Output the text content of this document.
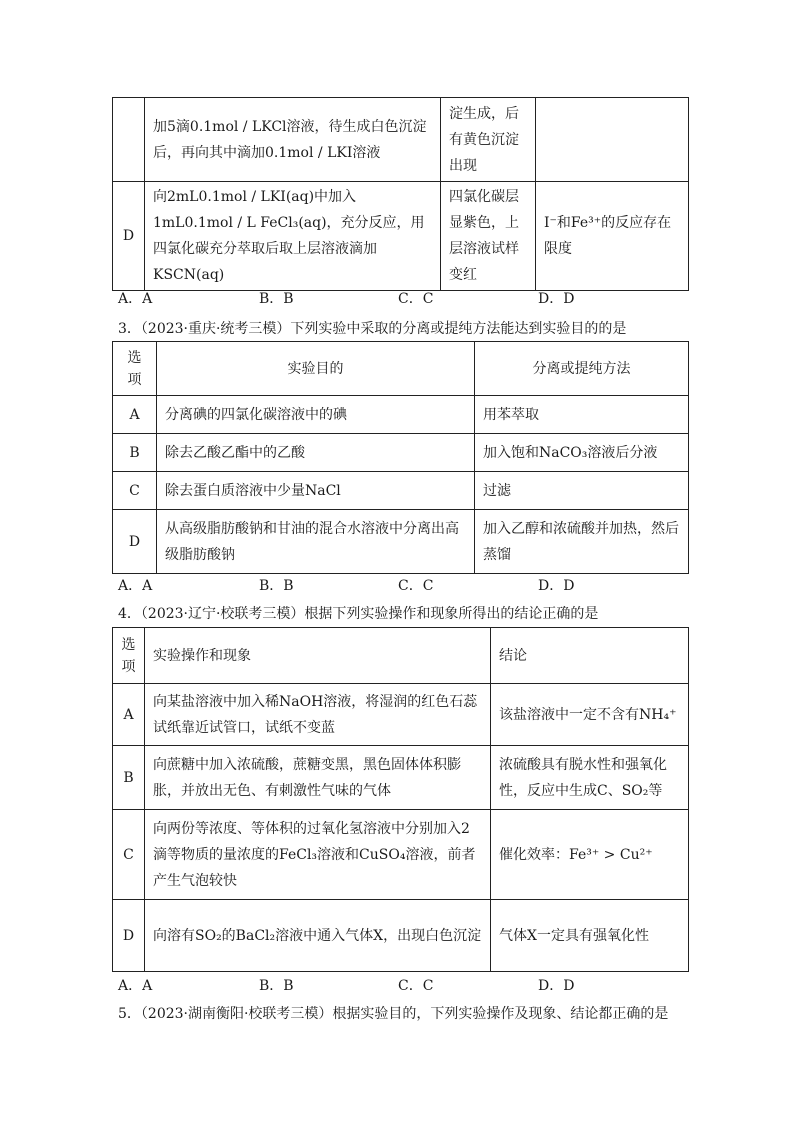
	加5滴0.1mol / LKCl溶液，待生成白色沉淀后，再向其中滴加0.1mol / LKI溶液	淀生成，后有黄色沉淀出现	
D	向2mL0.1mol / LKI(aq)中加入1mL0.1mol / L FeCl₃(aq)，充分反应，用四氯化碳充分萃取后取上层溶液滴加KSCN(aq)	四氯化碳层显紫色，上层溶液试样变红	I⁻和Fe³⁺的反应存在限度
A．A	B．B	C．C	D．D
3．（2023·重庆·统考三模）下列实验中采取的分离或提纯方法能达到实验目的的是
选项	实验目的	分离或提纯方法
A	分离碘的四氯化碳溶液中的碘	用苯萃取
B	除去乙酸乙酯中的乙酸	加入饱和NaCO₃溶液后分液
C	除去蛋白质溶液中少量NaCl	过滤
D	从高级脂肪酸钠和甘油的混合水溶液中分离出高级脂肪酸钠	加入乙醇和浓硫酸并加热，然后蒸馏
A．A	B．B	C．C	D．D
4．（2023·辽宁·校联考三模）根据下列实验操作和现象所得出的结论正确的是
选项	实验操作和现象	结论
A	向某盐溶液中加入稀NaOH溶液，将湿润的红色石蕊试纸靠近试管口，试纸不变蓝	该盐溶液中一定不含有NH₄⁺
B	向蔗糖中加入浓硫酸，蔗糖变黑，黑色固体体积膨胀，并放出无色、有刺激性气味的气体	浓硫酸具有脱水性和强氧化性，反应中生成C、SO₂等
C	向两份等浓度、等体积的过氧化氢溶液中分别加入2滴等物质的量浓度的FeCl₃溶液和CuSO₄溶液，前者产生气泡较快	催化效率：Fe³⁺ > Cu²⁺
D	向溶有SO₂的BaCl₂溶液中通入气体X，出现白色沉淀	气体X一定具有强氧化性
A．A	B．B	C．C	D．D
5．（2023·湖南衡阳·校联考三模）根据实验目的，下列实验操作及现象、结论都正确的是
